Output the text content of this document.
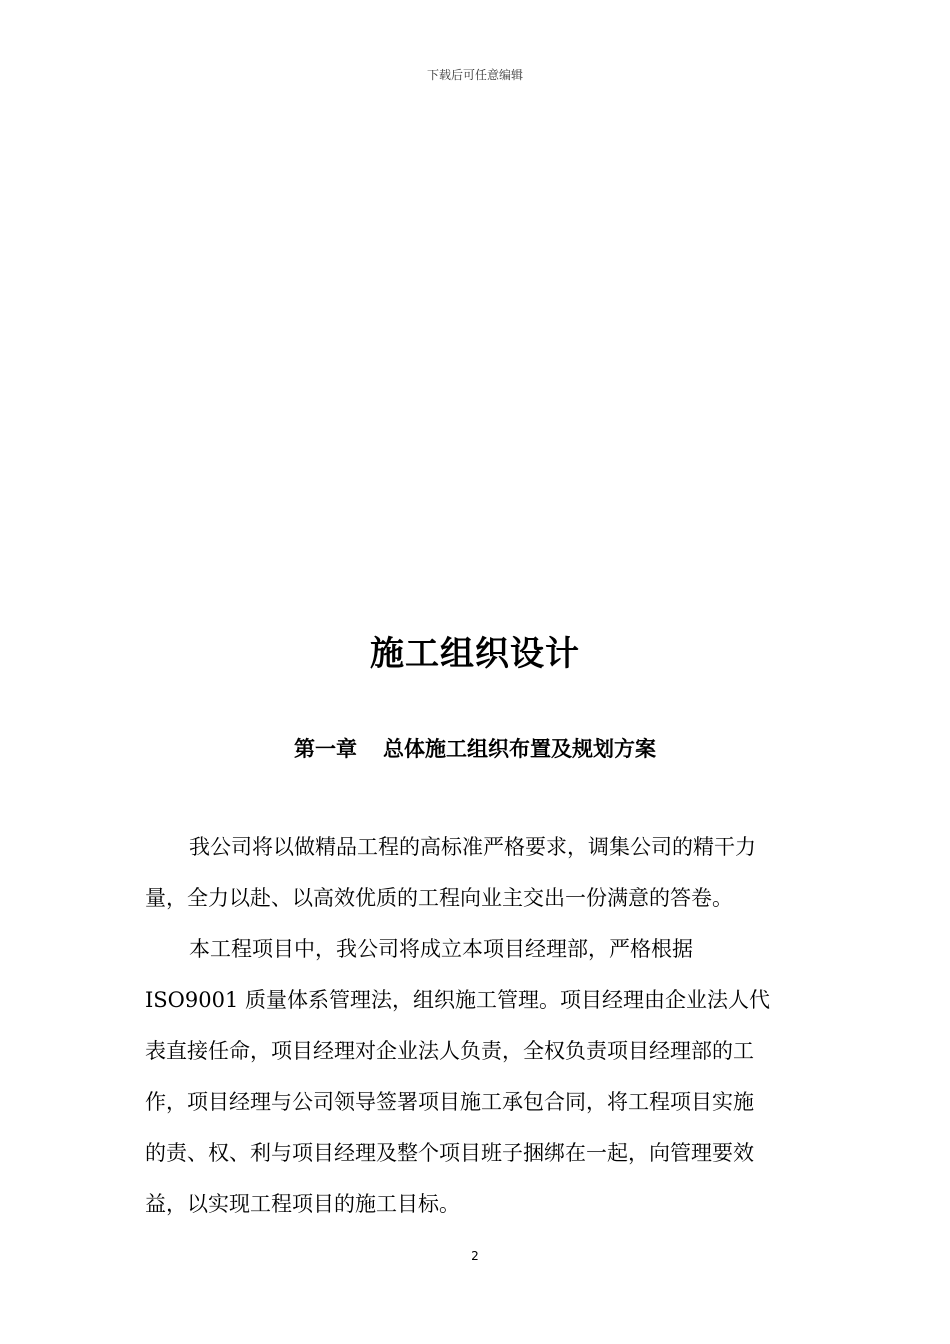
下载后可任意编辑
施工组织设计
第一章 总体施工组织布置及规划方案
我公司将以做精品工程的高标准严格要求，调集公司的精干力
量，全力以赴、以高效优质的工程向业主交出一份满意的答卷。
本工程项目中，我公司将成立本项目经理部，严格根据
ISO9001 质量体系管理法，组织施工管理。项目经理由企业法人代
表直接任命，项目经理对企业法人负责，全权负责项目经理部的工
作，项目经理与公司领导签署项目施工承包合同，将工程项目实施
的责、权、利与项目经理及整个项目班子捆绑在一起，向管理要效
益，以实现工程项目的施工目标。
2
